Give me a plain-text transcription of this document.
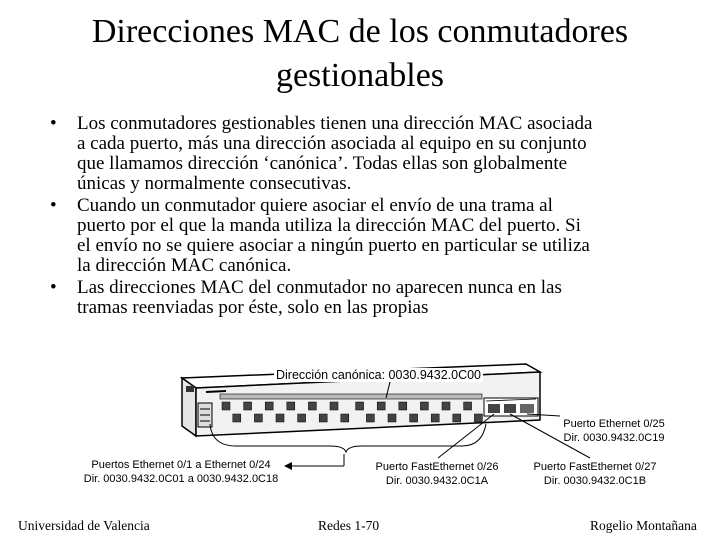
Direcciones MAC de los conmutadores
gestionables
•	Los conmutadores gestionables tienen una dirección MAC asociada
a cada puerto, más una dirección asociada al equipo en su conjunto
que llamamos dirección ‘canónica’. Todas ellas son globalmente
únicas y normalmente consecutivas.
•	Cuando un conmutador quiere asociar el envío de una trama al
puerto por el que la manda utiliza la dirección MAC del puerto. Si
el envío no se quiere asociar a ningún puerto en particular se utiliza
la dirección MAC canónica.
•	Las direcciones MAC del conmutador no aparecen nunca en las
tramas reenviadas por éste, solo en las propias
Dirección canónica: 0030.9432.0C00
Puerto Ethernet 0/25
Dir. 0030.9432.0C19
Puertos Ethernet 0/1 a Ethernet 0/24
Dir. 0030.9432.0C01 a 0030.9432.0C18
Puerto FastEthernet 0/26
Dir. 0030.9432.0C1A
Puerto FastEthernet 0/27
Dir. 0030.9432.0C1B
Universidad de Valencia	Redes 1-70	Rogelio Montañana
